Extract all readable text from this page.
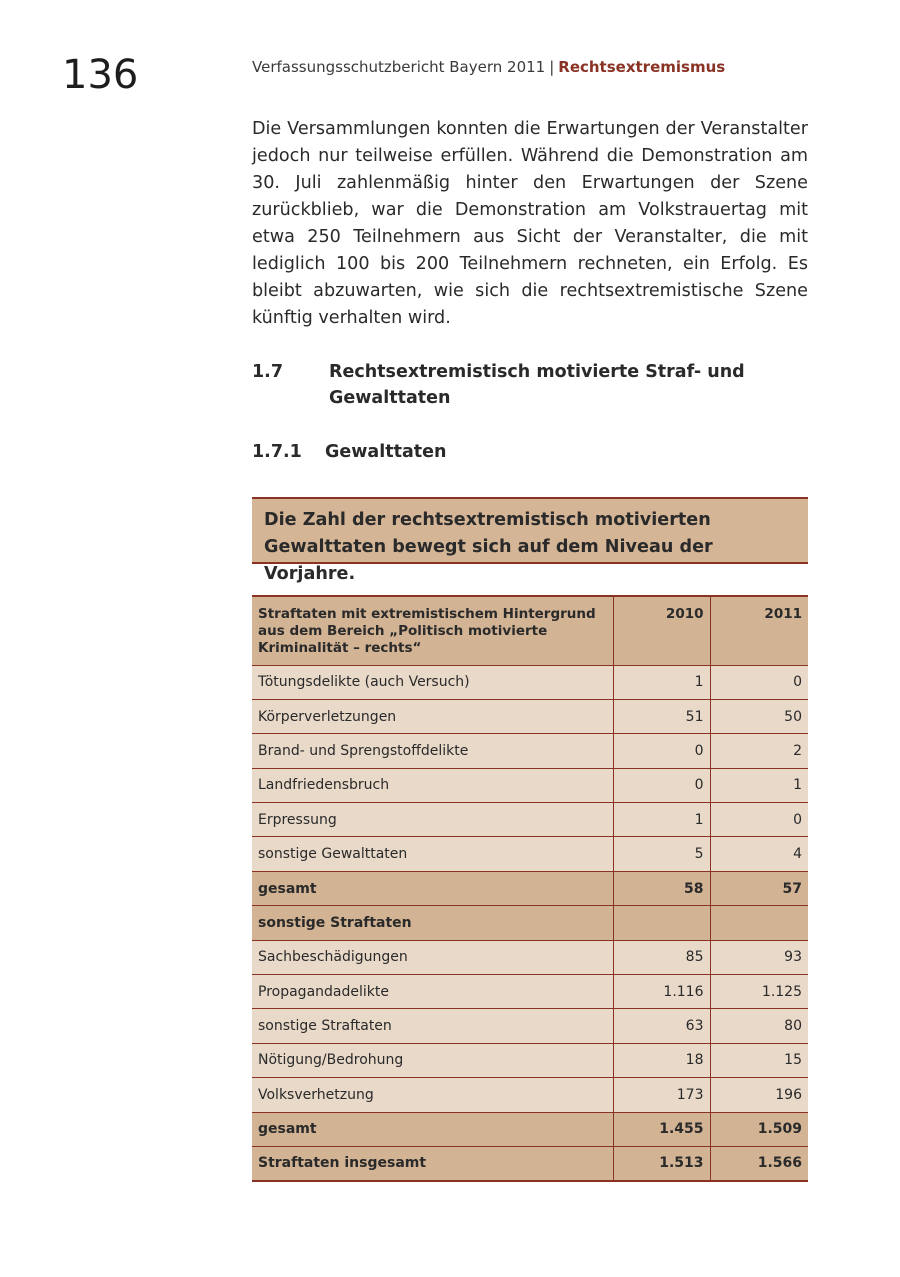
136	Verfassungsschutzbericht Bayern 2011 | Rechtsextremismus

Die Versammlungen konnten die Erwartungen der Veranstalter jedoch nur teilweise erfüllen. Während die Demonstration am 30. Juli zahlenmäßig hinter den Erwartungen der Szene zurückblieb, war die Demonstration am Volkstrauertag mit etwa 250 Teilnehmern aus Sicht der Veranstalter, die mit lediglich 100 bis 200 Teilnehmern rechneten, ein Erfolg. Es bleibt abzuwarten, wie sich die rechtsextremistische Szene künftig verhalten wird.

1.7	Rechtsextremistisch motivierte Straf- und Gewalttaten
1.7.1 Gewalttaten
Die Zahl der rechtsextremistisch motivierten Gewalttaten bewegt sich auf dem Niveau der Vorjahre.
Straftaten mit extremistischem Hintergrund aus dem Bereich „Politisch motivierte Kriminalität – rechts“	2010	2011
Tötungsdelikte (auch Versuch)	1	0
Körperverletzungen	51	50
Brand- und Sprengstoffdelikte	0	2
Landfriedensbruch	0	1
Erpressung	1	0
sonstige Gewalttaten	5	4
gesamt	58	57
sonstige Straftaten		
Sachbeschädigungen	85	93
Propagandadelikte	1.116	1.125
sonstige Straftaten	63	80
Nötigung/Bedrohung	18	15
Volksverhetzung	173	196
gesamt	1.455	1.509
Straftaten insgesamt	1.513	1.566
